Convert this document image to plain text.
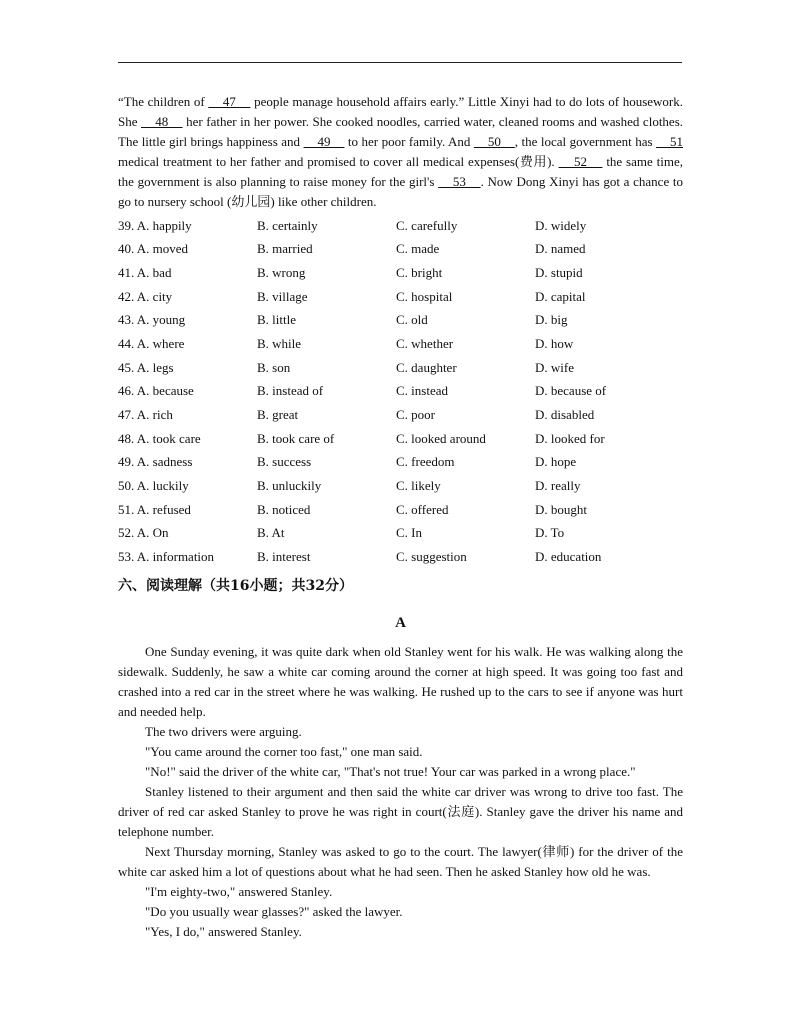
“The children of     47     people manage household affairs early.” Little Xinyi had to do lots of housework. She     48     her father in her power. She cooked noodles, carried water, cleaned rooms and washed clothes. The little girl brings happiness and     49     to her poor family. And     50    , the local government has     51 medical treatment to her father and promised to cover all medical expenses(费用).     52     the same time, the government is also planning to raise money for the girl's     53    . Now Dong Xinyi has got a chance to go to nursery school (幼儿园) like other children.

39. A. happily	B. certainly	C. carefully	D. widely
40. A. moved	B. married	C. made	D. named
41. A. bad	B. wrong	C. bright	D. stupid
42. A. city	B. village	C. hospital	D. capital
43. A. young	B. little	C. old	D. big
44. A. where	B. while	C. whether	D. how
45. A. legs	B. son	C. daughter	D. wife
46. A. because	B. instead of	C. instead	D. because of
47. A. rich	B. great	C. poor	D. disabled
48. A. took care	B. took care of	C. looked around	D. looked for
49. A. sadness	B. success	C. freedom	D. hope
50. A. luckily	B. unluckily	C. likely	D. really
51. A. refused	B. noticed	C. offered	D. bought
52. A. On	B. At	C. In	D. To
53. A. information	B. interest	C. suggestion	D. education
六、阅读理解（共16小题；共32分）
A

One Sunday evening, it was quite dark when old Stanley went for his walk. He was walking along the sidewalk. Suddenly, he saw a white car coming around the corner at high speed. It was going too fast and crashed into a red car in the street where he was walking. He rushed up to the cars to see if anyone was hurt and needed help.

The two drivers were arguing.

"You came around the corner too fast," one man said.

"No!" said the driver of the white car, "That's not true! Your car was parked in a wrong place."

Stanley listened to their argument and then said the white car driver was wrong to drive too fast. The driver of red car asked Stanley to prove he was right in court(法庭). Stanley gave the driver his name and telephone number.

Next Thursday morning, Stanley was asked to go to the court. The lawyer(律师) for the driver of the white car asked him a lot of questions about what he had seen. Then he asked Stanley how old he was.

"I'm eighty-two," answered Stanley.

"Do you usually wear glasses?" asked the lawyer.

"Yes, I do," answered Stanley.
